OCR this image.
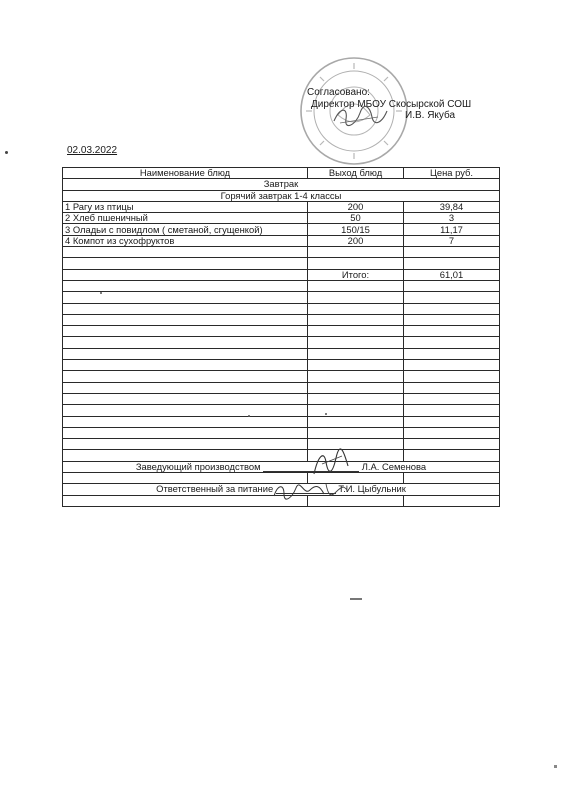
Согласовано:
Директор МБОУ Скосырской СОШ
И.В. Якуба
02.03.2022
Наименование блюд	Выход блюд	Цена руб.
Завтрак		
Горячий завтрак 1-4 классы		
1 Рагу из птицы	200	39,84
2 Хлеб пшеничный	50	3
3 Оладьи с повидлом ( сметаной, сгущенкой)	150/15	11,17
4 Компот из сухофруктов	200	7

	Итого:	61,01

Заведующий производством Л.А. Семенова		

Ответственный за питание Т.И. Цыбульник		
